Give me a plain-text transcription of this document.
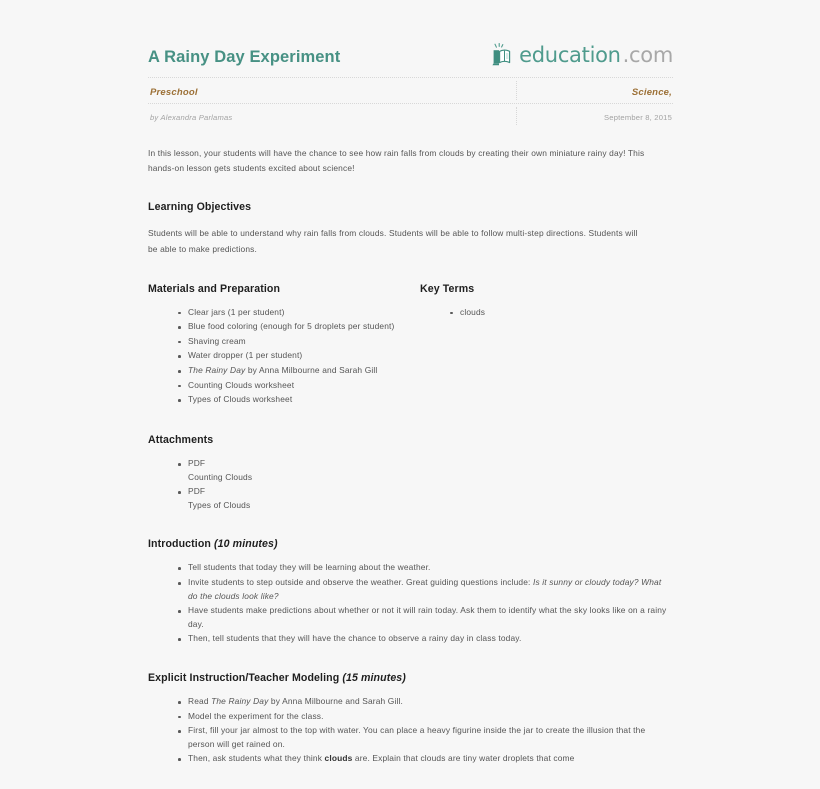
A Rainy Day Experiment	education .com
Preschool	Science,
by Alexandra Parlamas	September 8, 2015

In this lesson, your students will have the chance to see how rain falls from clouds by creating their own miniature rainy day! This hands-on lesson gets students excited about science!

Learning Objectives

Students will be able to understand why rain falls from clouds. Students will be able to follow multi-step directions. Students will be able to make predictions.

Materials and Preparation
Clear jars (1 per student)
Blue food coloring (enough for 5 droplets per student)
Shaving cream
Water dropper (1 per student)
The Rainy Day by Anna Milbourne and Sarah Gill
Counting Clouds worksheet
Types of Clouds worksheet
Key Terms
clouds
Attachments
PDF
Counting Clouds
PDF
Types of Clouds
Introduction (10 minutes)
Tell students that today they will be learning about the weather.
Invite students to step outside and observe the weather. Great guiding questions include: Is it sunny or cloudy today? What do the clouds look like?
Have students make predictions about whether or not it will rain today. Ask them to identify what the sky looks like on a rainy day.
Then, tell students that they will have the chance to observe a rainy day in class today.
Explicit Instruction/Teacher Modeling (15 minutes)
Read The Rainy Day by Anna Milbourne and Sarah Gill.
Model the experiment for the class.
First, fill your jar almost to the top with water. You can place a heavy figurine inside the jar to create the illusion that the person will get rained on.
Then, ask students what they think clouds are. Explain that clouds are tiny water droplets that come
